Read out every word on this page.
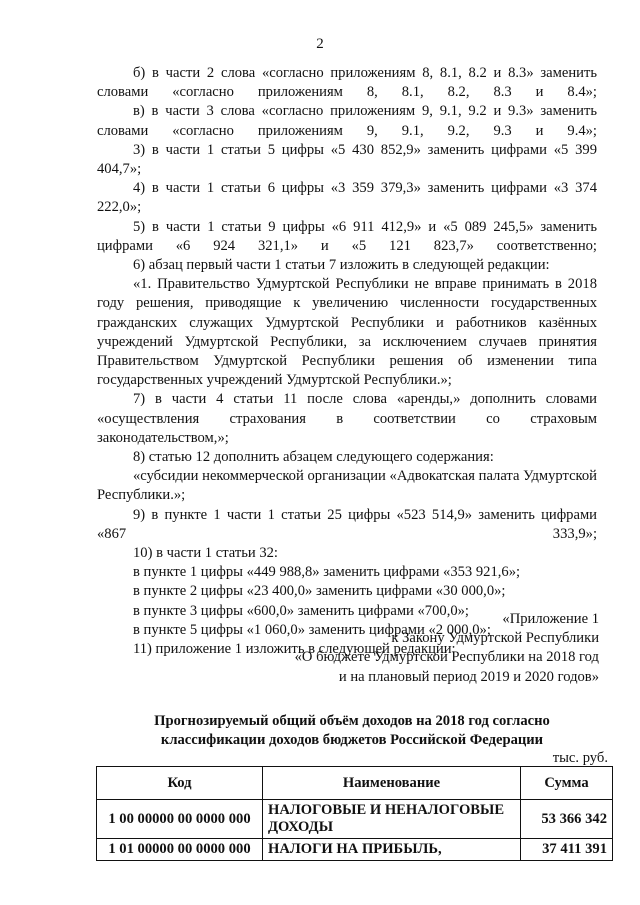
2

б) в части 2 слова «согласно приложениям 8, 8.1, 8.2 и 8.3» заменить словами «согласно приложениям 8, 8.1, 8.2, 8.3 и 8.4»;

в) в части 3 слова «согласно приложениям 9, 9.1, 9.2 и 9.3» заменить словами «согласно приложениям 9, 9.1, 9.2, 9.3 и 9.4»;

3) в части 1 статьи 5 цифры «5 430 852,9» заменить цифрами «5 399 404,7»;

4) в части 1 статьи 6 цифры «3 359 379,3» заменить цифрами «3 374 222,0»;

5) в части 1 статьи 9 цифры «6 911 412,9» и «5 089 245,5» заменить цифрами «6 924 321,1» и «5 121 823,7» соответственно;

6) абзац первый части 1 статьи 7 изложить в следующей редакции:

«1. Правительство Удмуртской Республики не вправе принимать в 2018 году решения, приводящие к увеличению численности государственных гражданских служащих Удмуртской Республики и работников казённых учреждений Удмуртской Республики, за исключением случаев принятия Правительством Удмуртской Республики решения об изменении типа государственных учреждений Удмуртской Республики.»;

7) в части 4 статьи 11 после слова «аренды,» дополнить словами «осуществления страхования в соответствии со страховым законодательством,»;

8) статью 12 дополнить абзацем следующего содержания:

«субсидии некоммерческой организации «Адвокатская палата Удмуртской Республики.»;

9) в пункте 1 части 1 статьи 25 цифры «523 514,9» заменить цифрами «867 333,9»;

10) в части 1 статьи 32:

в пункте 1 цифры «449 988,8» заменить цифрами «353 921,6»;

в пункте 2 цифры «23 400,0» заменить цифрами «30 000,0»;

в пункте 3 цифры «600,0» заменить цифрами «700,0»;

в пункте 5 цифры «1 060,0» заменить цифрами «2 000,0»;

11) приложение 1 изложить в следующей редакции:

«Приложение 1
к Закону Удмуртской Республики
«О бюджете Удмуртской Республики на 2018 год
и на плановый период 2019 и 2020 годов»
Прогнозируемый общий объём доходов на 2018 год согласно
классификации доходов бюджетов Российской Федерации
тыс. руб.
Код	Наименование	Сумма
1 00 00000 00 0000 000	НАЛОГОВЫЕ И НЕНАЛОГОВЫЕ ДОХОДЫ	53 366 342
1 01 00000 00 0000 000	НАЛОГИ НА ПРИБЫЛЬ,	37 411 391
